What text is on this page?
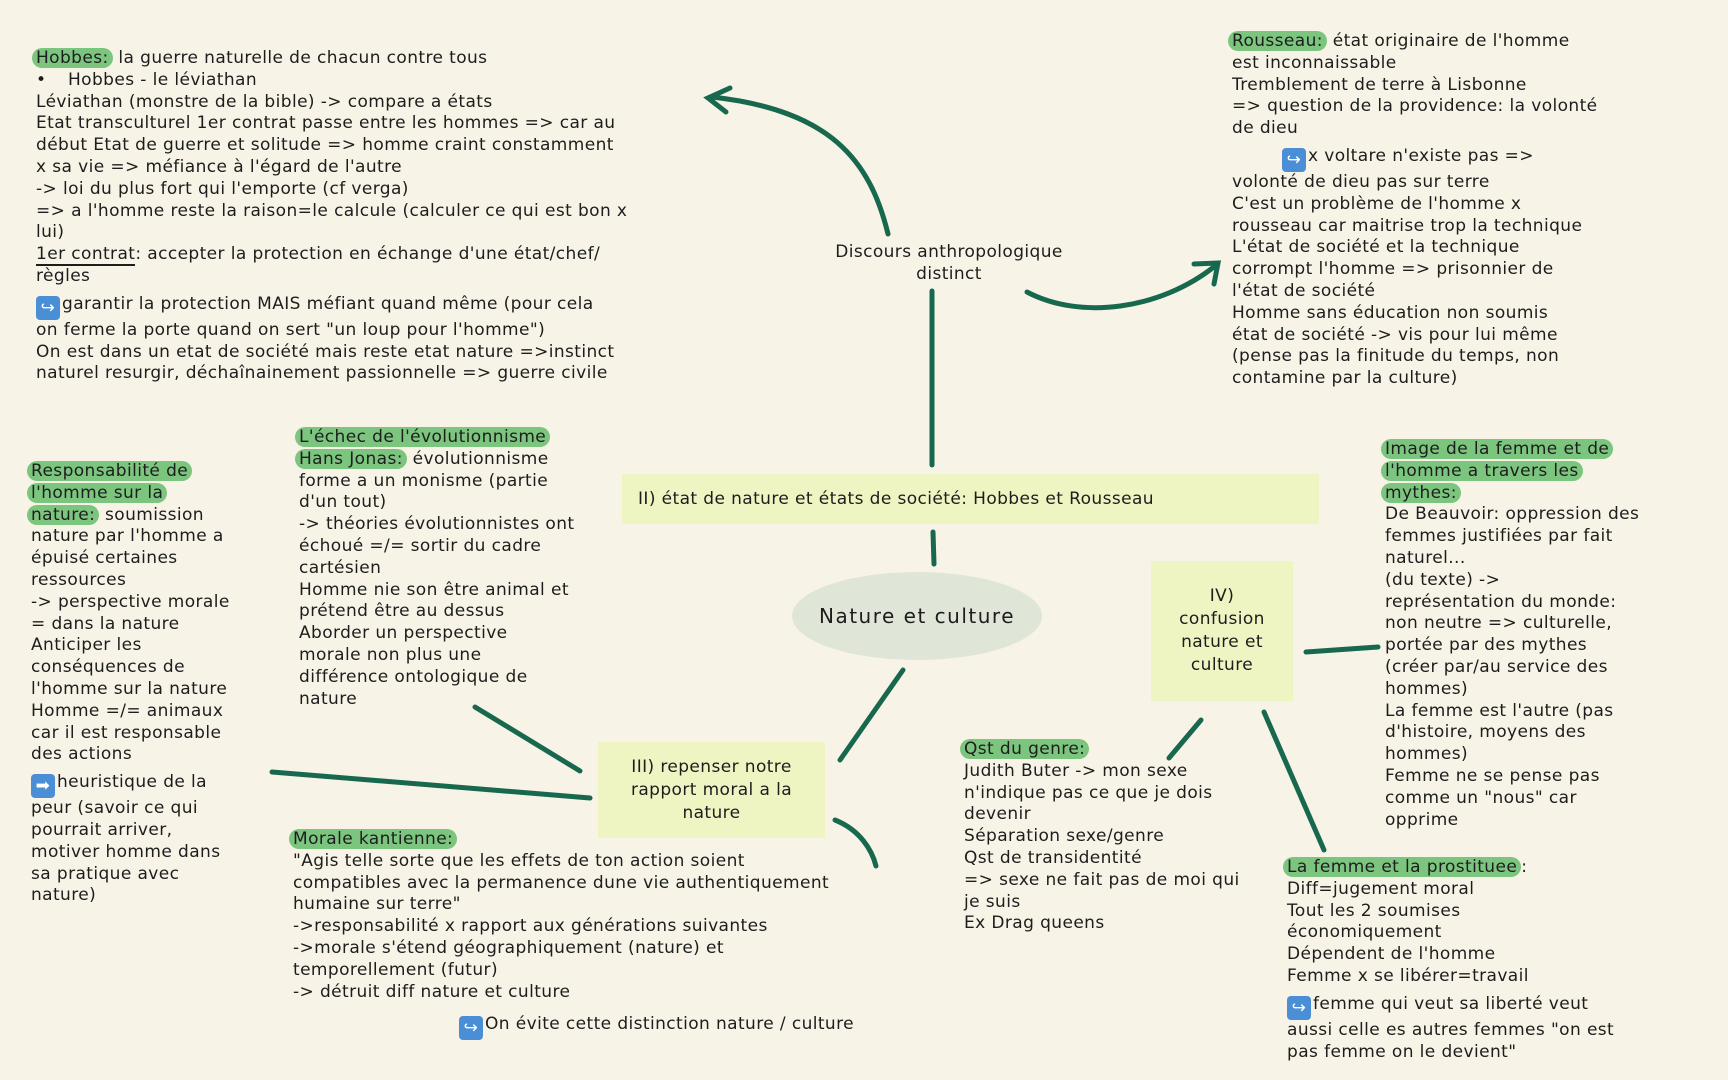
Hobbes: la guerre naturelle de chacun contre tous
• Hobbes - le léviathan
Léviathan (monstre de la bible) -> compare a états
Etat transculturel 1er contrat passe entre les hommes => car au
début Etat de guerre et solitude => homme craint constamment
x sa vie => méfiance à l'égard de l'autre
-> loi du plus fort qui l'emporte (cf verga)
=> a l'homme reste la raison=le calcule (calculer ce qui est bon x
lui)
1er contrat: accepter la protection en échange d'une état/chef/
règles
↪ garantir la protection MAIS méfiant quand même (pour cela
on ferme la porte quand on sert "un loup pour l'homme")
On est dans un etat de société mais reste etat nature =>instinct
naturel resurgir, déchaînainement passionnelle => guerre civile
Discours anthropologique
distinct
Rousseau: état originaire de l'homme
est inconnaissable
Tremblement de terre à Lisbonne
=> question de la providence: la volonté
de dieu
↪ x voltare n'existe pas =>
volonté de dieu pas sur terre
C'est un problème de l'homme x
rousseau car maitrise trop la technique
L'état de société et la technique
corrompt l'homme => prisonnier de
l'état de société
Homme sans éducation non soumis
état de société -> vis pour lui même
(pense pas la finitude du temps, non
contamine par la culture)
II) état de nature et états de société: Hobbes et Rousseau
Nature et culture
Responsabilité de
l'homme sur la
nature: soumission
nature par l'homme a
épuisé certaines
ressources
-> perspective morale
= dans la nature
Anticiper les
conséquences de
l'homme sur la nature
Homme =/= animaux
car il est responsable
des actions
➡ heuristique de la
peur (savoir ce qui
pourrait arriver,
motiver homme dans
sa pratique avec
nature)
L'échec de l'évolutionnisme
Hans Jonas: évolutionnisme
forme a un monisme (partie
d'un tout)
-> théories évolutionnistes ont
échoué =/= sortir du cadre
cartésien
Homme nie son être animal et
prétend être au dessus
Aborder un perspective
morale non plus une
différence ontologique de
nature
III) repenser notre
rapport moral a la
nature
Morale kantienne:
"Agis telle sorte que les effets de ton action soient
compatibles avec la permanence dune vie authentiquement
humaine sur terre"
->responsabilité x rapport aux générations suivantes
->morale s'étend géographiquement (nature) et
temporellement (futur)
-> détruit diff nature et culture
↪ On évite cette distinction nature / culture
IV)
confusion
nature et
culture
Qst du genre:
Judith Buter -> mon sexe
n'indique pas ce que je dois
devenir
Séparation sexe/genre
Qst de transidentité
=> sexe ne fait pas de moi qui
je suis
Ex Drag queens
Image de la femme et de
l'homme a travers les
mythes:
De Beauvoir: oppression des
femmes justifiées par fait
naturel...
(du texte) ->
représentation du monde:
non neutre => culturelle,
portée par des mythes
(créer par/au service des
hommes)
La femme est l'autre (pas
d'histoire, moyens des
hommes)
Femme ne se pense pas
comme un "nous" car
opprime
La femme et la prostituee :
Diff=jugement moral
Tout les 2 soumises
économiquement
Dépendent de l'homme
Femme x se libérer=travail
↪ femme qui veut sa liberté veut
aussi celle es autres femmes "on est
pas femme on le devient"
